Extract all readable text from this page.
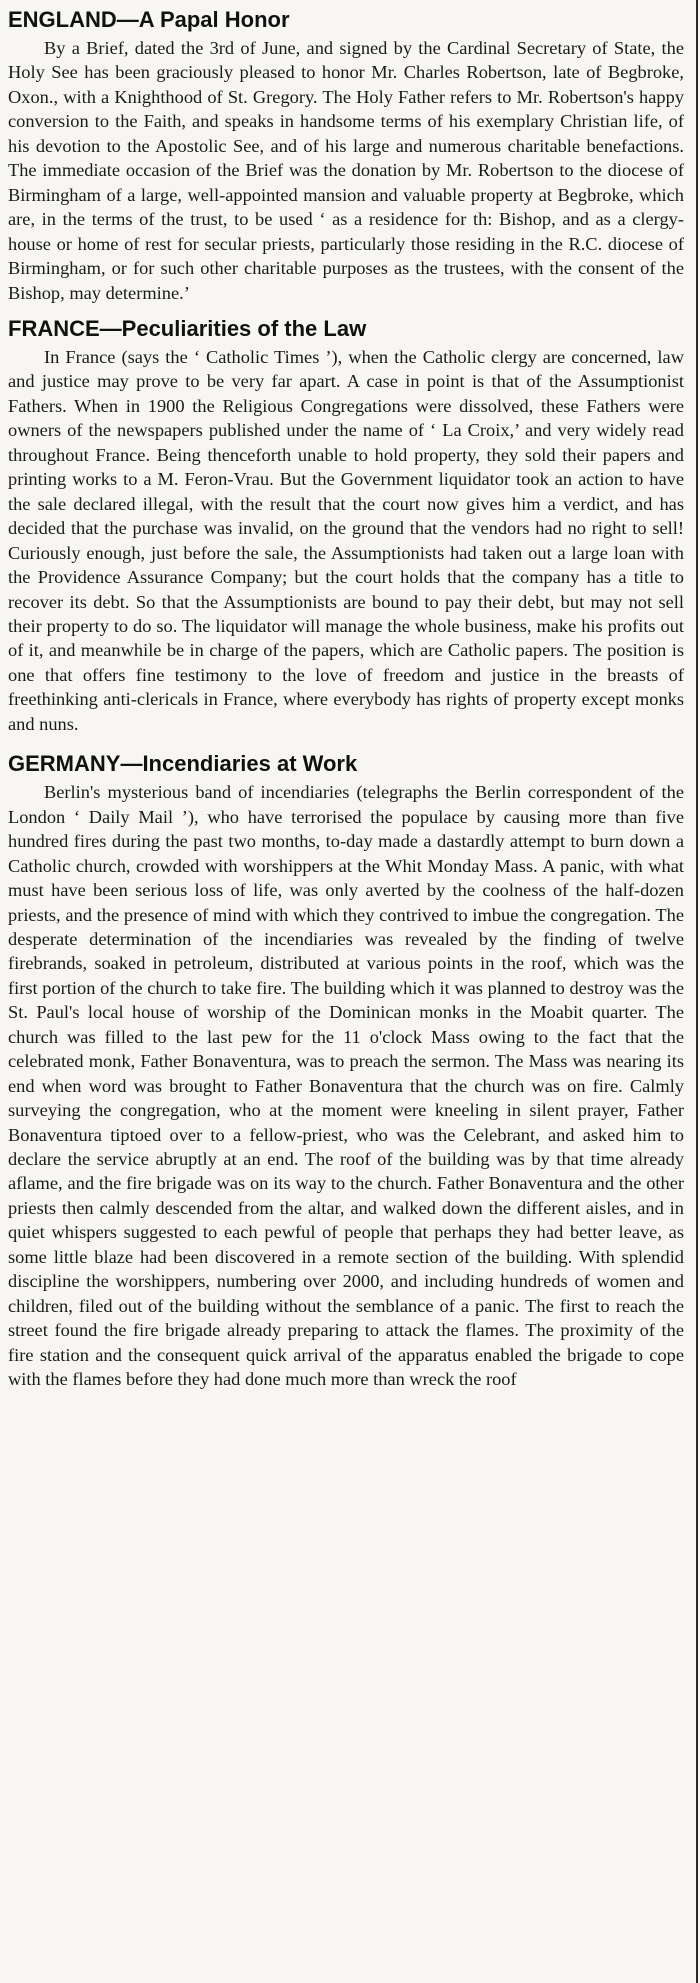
ENGLAND—A Papal Honor

By a Brief, dated the 3rd of June, and signed by the Cardinal Secretary of State, the Holy See has been graciously pleased to honor Mr. Charles Robertson, late of Begbroke, Oxon., with a Knighthood of St. Gregory. The Holy Father refers to Mr. Robertson's happy conversion to the Faith, and speaks in handsome terms of his exemplary Christian life, of his devotion to the Apostolic See, and of his large and numerous charitable benefactions. The immediate occasion of the Brief was the donation by Mr. Robertson to the diocese of Birmingham of a large, well-appointed mansion and valuable property at Begbroke, which are, in the terms of the trust, to be used ‘ as a residence for th: Bishop, and as a clergy-house or home of rest for secular priests, particularly those residing in the R.C. diocese of Birmingham, or for such other charitable purposes as the trustees, with the consent of the Bishop, may determine.’

FRANCE—Peculiarities of the Law

In France (says the ‘ Catholic Times ’), when the Catholic clergy are concerned, law and justice may prove to be very far apart. A case in point is that of the Assumptionist Fathers. When in 1900 the Religious Congregations were dissolved, these Fathers were owners of the newspapers published under the name of ‘ La Croix,’ and very widely read throughout France. Being thenceforth unable to hold property, they sold their papers and printing works to a M. Feron-Vrau. But the Government liquidator took an action to have the sale declared illegal, with the result that the court now gives him a verdict, and has decided that the purchase was invalid, on the ground that the vendors had no right to sell! Curiously enough, just before the sale, the Assumptionists had taken out a large loan with the Providence Assurance Company; but the court holds that the company has a title to recover its debt. So that the Assumptionists are bound to pay their debt, but may not sell their property to do so. The liquidator will manage the whole business, make his profits out of it, and meanwhile be in charge of the papers, which are Catholic papers. The position is one that offers fine testimony to the love of freedom and justice in the breasts of freethinking anti-clericals in France, where everybody has rights of property except monks and nuns.

GERMANY—Incendiaries at Work

Berlin's mysterious band of incendiaries (telegraphs the Berlin correspondent of the London ‘ Daily Mail ’), who have terrorised the populace by causing more than five hundred fires during the past two months, to-day made a dastardly attempt to burn down a Catholic church, crowded with worshippers at the Whit Monday Mass. A panic, with what must have been serious loss of life, was only averted by the coolness of the half-dozen priests, and the presence of mind with which they contrived to imbue the congregation. The desperate determination of the incendiaries was revealed by the finding of twelve firebrands, soaked in petroleum, distributed at various points in the roof, which was the first portion of the church to take fire. The building which it was planned to destroy was the St. Paul's local house of worship of the Dominican monks in the Moabit quarter. The church was filled to the last pew for the 11 o'clock Mass owing to the fact that the celebrated monk, Father Bonaventura, was to preach the sermon. The Mass was nearing its end when word was brought to Father Bonaventura that the church was on fire. Calmly surveying the congregation, who at the moment were kneeling in silent prayer, Father Bonaventura tiptoed over to a fellow-priest, who was the Celebrant, and asked him to declare the service abruptly at an end. The roof of the building was by that time already aflame, and the fire brigade was on its way to the church. Father Bonaventura and the other priests then calmly descended from the altar, and walked down the different aisles, and in quiet whispers suggested to each pewful of people that perhaps they had better leave, as some little blaze had been discovered in a remote section of the building. With splendid discipline the worshippers, numbering over 2000, and including hundreds of women and children, filed out of the building without the semblance of a panic. The first to reach the street found the fire brigade already preparing to attack the flames. The proximity of the fire station and the consequent quick arrival of the apparatus enabled the brigade to cope with the flames before they had done much more than wreck the roof
